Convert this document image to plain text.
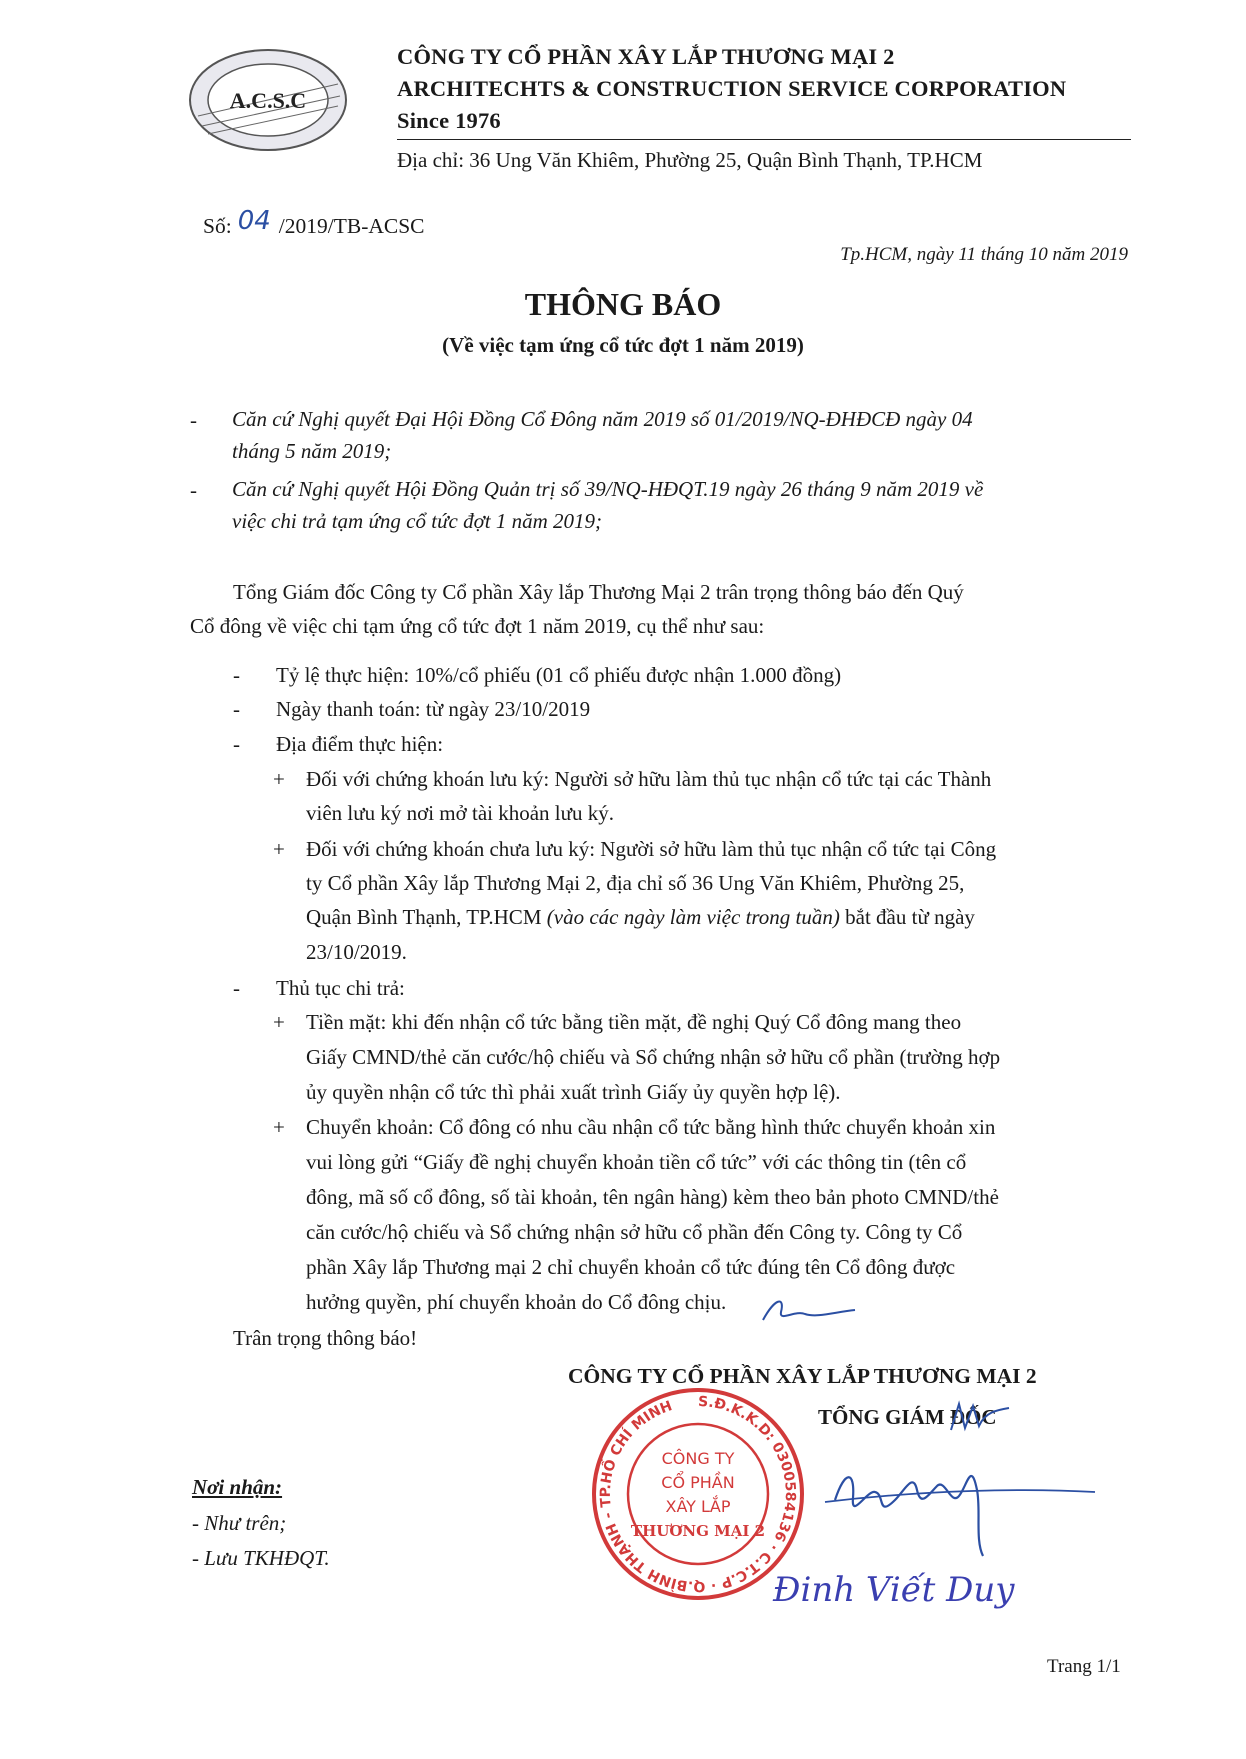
A.C.S.C
CÔNG TY CỔ PHẦN XÂY LẮP THƯƠNG MẠI 2
ARCHITECHTS & CONSTRUCTION SERVICE CORPORATION
Since 1976
Địa chỉ: 36 Ung Văn Khiêm, Phường 25, Quận Bình Thạnh, TP.HCM
Số: 04 /2019/TB-ACSC
Tp.HCM, ngày 11 tháng 10 năm 2019
THÔNG BÁO
(Về việc tạm ứng cổ tức đợt 1 năm 2019)
- Căn cứ Nghị quyết Đại Hội Đồng Cổ Đông năm 2019 số 01/2019/NQ-ĐHĐCĐ ngày 04
tháng 5 năm 2019;
- Căn cứ Nghị quyết Hội Đồng Quản trị số 39/NQ-HĐQT.19 ngày 26 tháng 9 năm 2019 về
việc chi trả tạm ứng cổ tức đợt 1 năm 2019;
Tổng Giám đốc Công ty Cổ phần Xây lắp Thương Mại 2 trân trọng thông báo đến Quý
Cổ đông về việc chi tạm ứng cổ tức đợt 1 năm 2019, cụ thể như sau:
- Tỷ lệ thực hiện: 10%/cổ phiếu (01 cổ phiếu được nhận 1.000 đồng)
- Ngày thanh toán: từ ngày 23/10/2019
- Địa điểm thực hiện:
+ Đối với chứng khoán lưu ký: Người sở hữu làm thủ tục nhận cổ tức tại các Thành
viên lưu ký nơi mở tài khoản lưu ký.
+ Đối với chứng khoán chưa lưu ký: Người sở hữu làm thủ tục nhận cổ tức tại Công
ty Cổ phần Xây lắp Thương Mại 2, địa chỉ số 36 Ung Văn Khiêm, Phường 25,
Quận Bình Thạnh, TP.HCM (vào các ngày làm việc trong tuần) bắt đầu từ ngày
23/10/2019.
- Thủ tục chi trả:
+ Tiền mặt: khi đến nhận cổ tức bằng tiền mặt, đề nghị Quý Cổ đông mang theo
Giấy CMND/thẻ căn cước/hộ chiếu và Sổ chứng nhận sở hữu cổ phần (trường hợp
ủy quyền nhận cổ tức thì phải xuất trình Giấy ủy quyền hợp lệ).
+ Chuyển khoản: Cổ đông có nhu cầu nhận cổ tức bằng hình thức chuyển khoản xin
vui lòng gửi “Giấy đề nghị chuyển khoản tiền cổ tức” với các thông tin (tên cổ
đông, mã số cổ đông, số tài khoản, tên ngân hàng) kèm theo bản photo CMND/thẻ
căn cước/hộ chiếu và Sổ chứng nhận sở hữu cổ phần đến Công ty. Công ty Cổ
phần Xây lắp Thương mại 2 chỉ chuyển khoản cổ tức đúng tên Cổ đông được
hưởng quyền, phí chuyển khoản do Cổ đông chịu.
Trân trọng thông báo!
CÔNG TY CỔ PHẦN XÂY LẮP THƯƠNG MẠI 2
TỔNG GIÁM ĐỐC
S.Đ.K.K.D: 0300584136 · C.T.C.P · Q.BÌNH THẠNH - TP.HỒ CHÍ MINH
CÔNG TY
CỔ PHẦN
XÂY LẮP
THƯƠNG MẠI 2
Đinh Viết Duy
Nơi nhận:
- Như trên;
- Lưu TKHĐQT.
Trang 1/1
